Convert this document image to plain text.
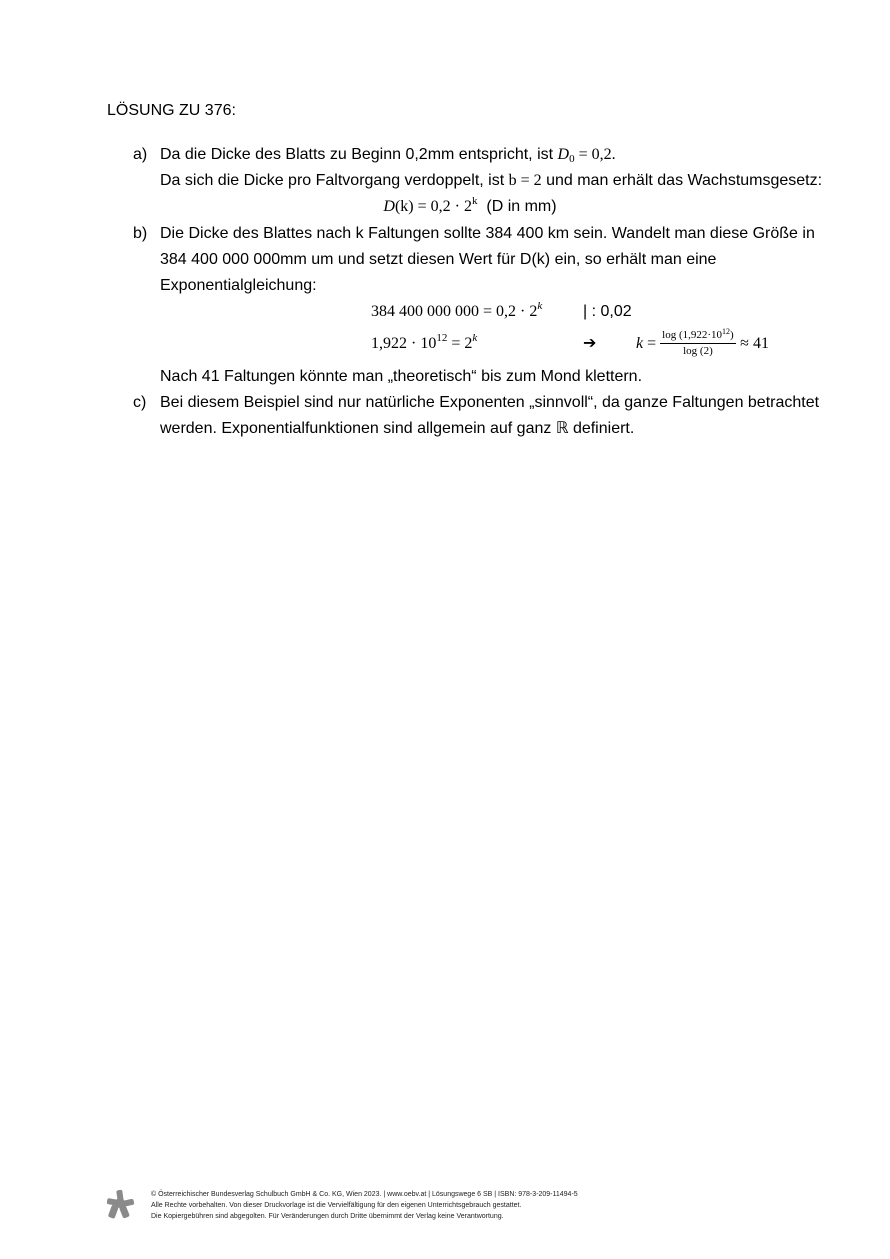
LÖSUNG ZU 376:
a) Da die Dicke des Blatts zu Beginn 0,2mm entspricht, ist $D_0 = 0,2$.
Da sich die Dicke pro Faltvorgang verdoppelt, ist b = 2 und man erhält das Wachstumsgesetz:
$D(k) = 0,2 \cdot 2^k$ (D in mm)
b) Die Dicke des Blattes nach k Faltungen sollte 384 400 km sein. Wandelt man diese Größe in
384 400 000 000mm um und setzt diesen Wert für D(k) ein, so erhält man eine
Exponentialgleichung:
384 400 000 $000 = 0,2 \cdot 2^k$	| : 0,02
$1,922 \cdot 10^{12} = 2^k$	➔ $k = \frac{\log (1,922\cdot 10^{12})}{\log (2)} \approx 41$
Nach 41 Faltungen könnte man „theoretisch“ bis zum Mond klettern.
c) Bei diesem Beispiel sind nur natürliche Exponenten „sinnvoll“, da ganze Faltungen betrachtet
werden. Exponentialfunktionen sind allgemein auf ganz ℝ definiert.
© Österreichischer Bundesverlag Schulbuch GmbH & Co. KG, Wien 2023. | www.oebv.at | Lösungswege 6 SB | ISBN: 978-3-209-11494-5
Alle Rechte vorbehalten. Von dieser Druckvorlage ist die Vervielfältigung für den eigenen Unterrichtsgebrauch gestattet.
Die Kopiergebühren sind abgegolten. Für Veränderungen durch Dritte übernimmt der Verlag keine Verantwortung.
